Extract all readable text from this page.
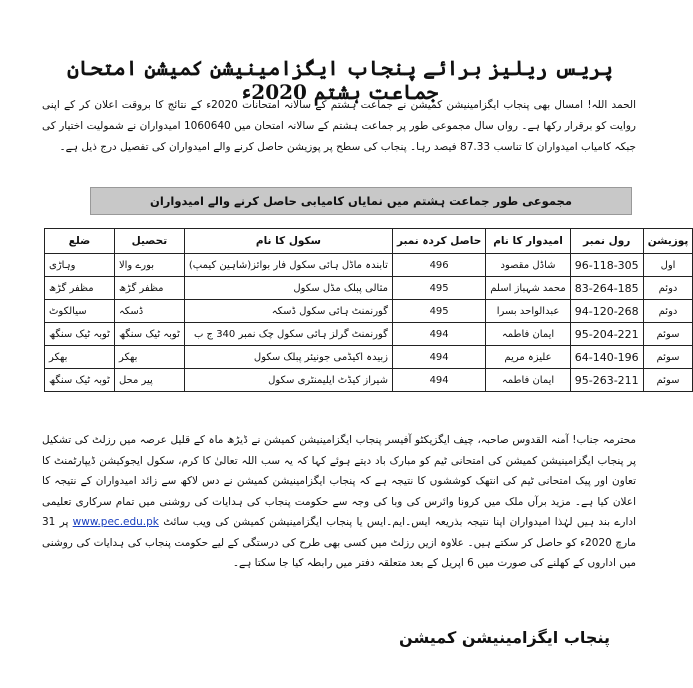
پریس ریلیز برائے پنجاب ایگزامینیشن کمیشن امتحان جماعت ہشتم 2020ء
الحمد اللہ! امسال بھی پنجاب ایگزامینیشن کمیشن نے جماعت ہشتم کے سالانہ امتحانات 2020ء کے نتائج کا بروقت اعلان کر کے اپنی روایت کو برقرار رکھا ہے۔ رواں سال مجموعی طور پر جماعت ہشتم کے سالانہ امتحان میں 1060640 امیدواران نے شمولیت اختیار کی جبکہ کامیاب امیدواران کا تناسب 87.33 فیصد رہا۔ پنجاب کی سطح پر پوزیشن حاصل کرنے والے امیدواران کی تفصیل درج ذیل ہے۔
مجموعی طور جماعت ہشتم میں نمایاں کامیابی حاصل کرنے والے امیدواران
پوزیشن	رول نمبر	امیدوار کا نام	حاصل کردہ نمبر	سکول کا نام	تحصیل	ضلع
اول	96-118-305	شاڈل مقصود	496	تابندہ ماڈل ہائی سکول فار بوائز(شاہین کیمپ)	بورے والا	وہاڑی
دوئم	83-264-185	محمد شہباز اسلم	495	مثالی پبلک مڈل سکول	مظفر گڑھ	مظفر گڑھ
دوئم	94-120-268	عبدالواحد بسرا	495	گورنمنٹ ہائی سکول ڈسکہ	ڈسکہ	سیالکوٹ
سوئم	95-204-221	ایمان فاطمہ	494	گورنمنٹ گرلز ہائی سکول چک نمبر 340 ج ب	ٹوبہ ٹیک سنگھ	ٹوبہ ٹیک سنگھ
سوئم	64-140-196	علیزہ مریم	494	زبیدہ اکیڈمی جونیئر پبلک سکول	بھکر	بھکر
سوئم	95-263-211	ایمان فاطمہ	494	شیراز کیڈٹ ایلیمنٹری سکول	پیر محل	ٹوبہ ٹیک سنگھ
محترمہ جناب! آمنہ القدوس صاحبہ، چیف ایگزیکٹو آفیسر پنجاب ایگزامینیشن کمیشن نے ڈیڑھ ماہ کے قلیل عرصہ میں رزلٹ کی تشکیل پر پنجاب ایگزامینیشن کمیشن کی امتحانی ٹیم کو مبارک باد دیتے ہوئے کہا کہ یہ سب اللہ تعالیٰ کا کرم، سکول ایجوکیشن ڈیپارٹمنٹ کا تعاون اور پیک امتحانی ٹیم کی انتھک کوششوں کا نتیجہ ہے کہ پنجاب ایگزامینیشن کمیشن نے دس لاکھ سے زائد امیدواران کے نتیجہ کا اعلان کیا ہے۔ مزید برآں ملک میں کرونا وائرس کی وبا کی وجہ سے حکومت پنجاب کی ہدایات کی روشنی میں تمام سرکاری تعلیمی ادارے بند ہیں لہٰذا امیدواران اپنا نتیجہ بذریعہ ایس۔ایم۔ایس یا پنجاب ایگزامینیشن کمیشن کی ویب سائٹ www.pec.edu.pk پر 31 مارچ 2020ء کو حاصل کر سکتے ہیں۔ علاوہ ازیں رزلٹ میں کسی بھی طرح کی درستگی کے لیے حکومت پنجاب کی ہدایات کی روشنی میں اداروں کے کھلنے کی صورت میں 6 اپریل کے بعد متعلقہ دفتر میں رابطہ کیا جا سکتا ہے۔
پنجاب ایگزامینیشن کمیشن
